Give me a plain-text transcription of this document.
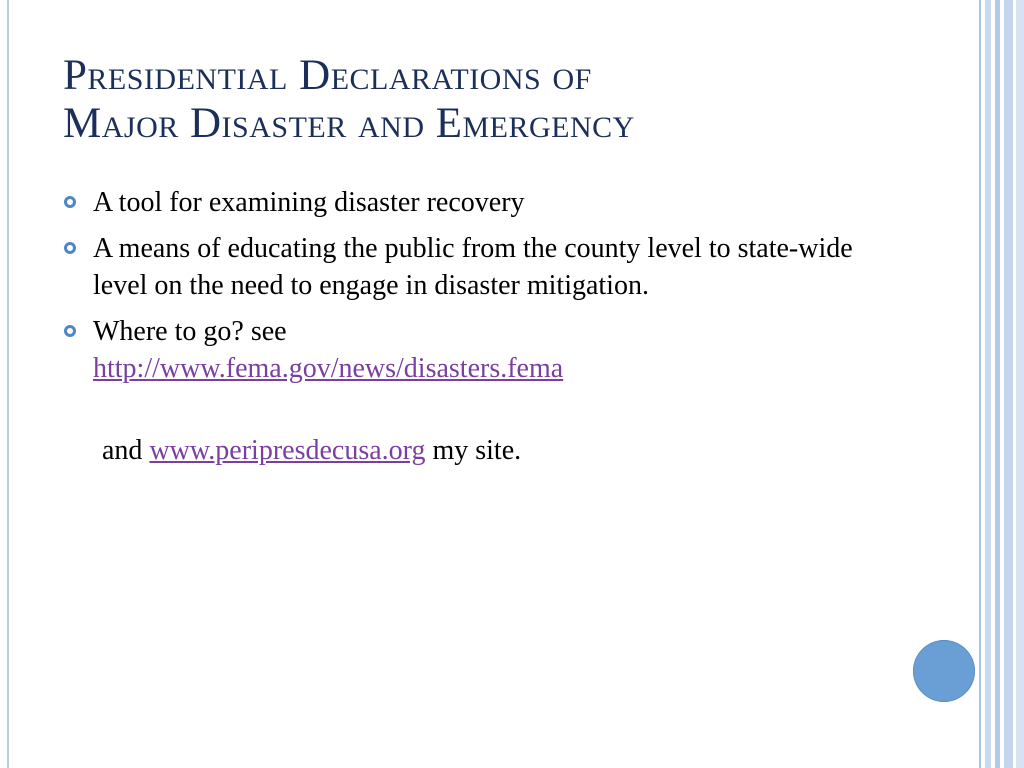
Presidential Declarations of
Major Disaster and Emergency
A tool for examining disaster recovery
A means of educating the public from the county level to state-wide level on the need to engage in disaster mitigation.
Where to go? see
http://www.fema.gov/news/disasters.fema
and www.peripresdecusa.org my site.
